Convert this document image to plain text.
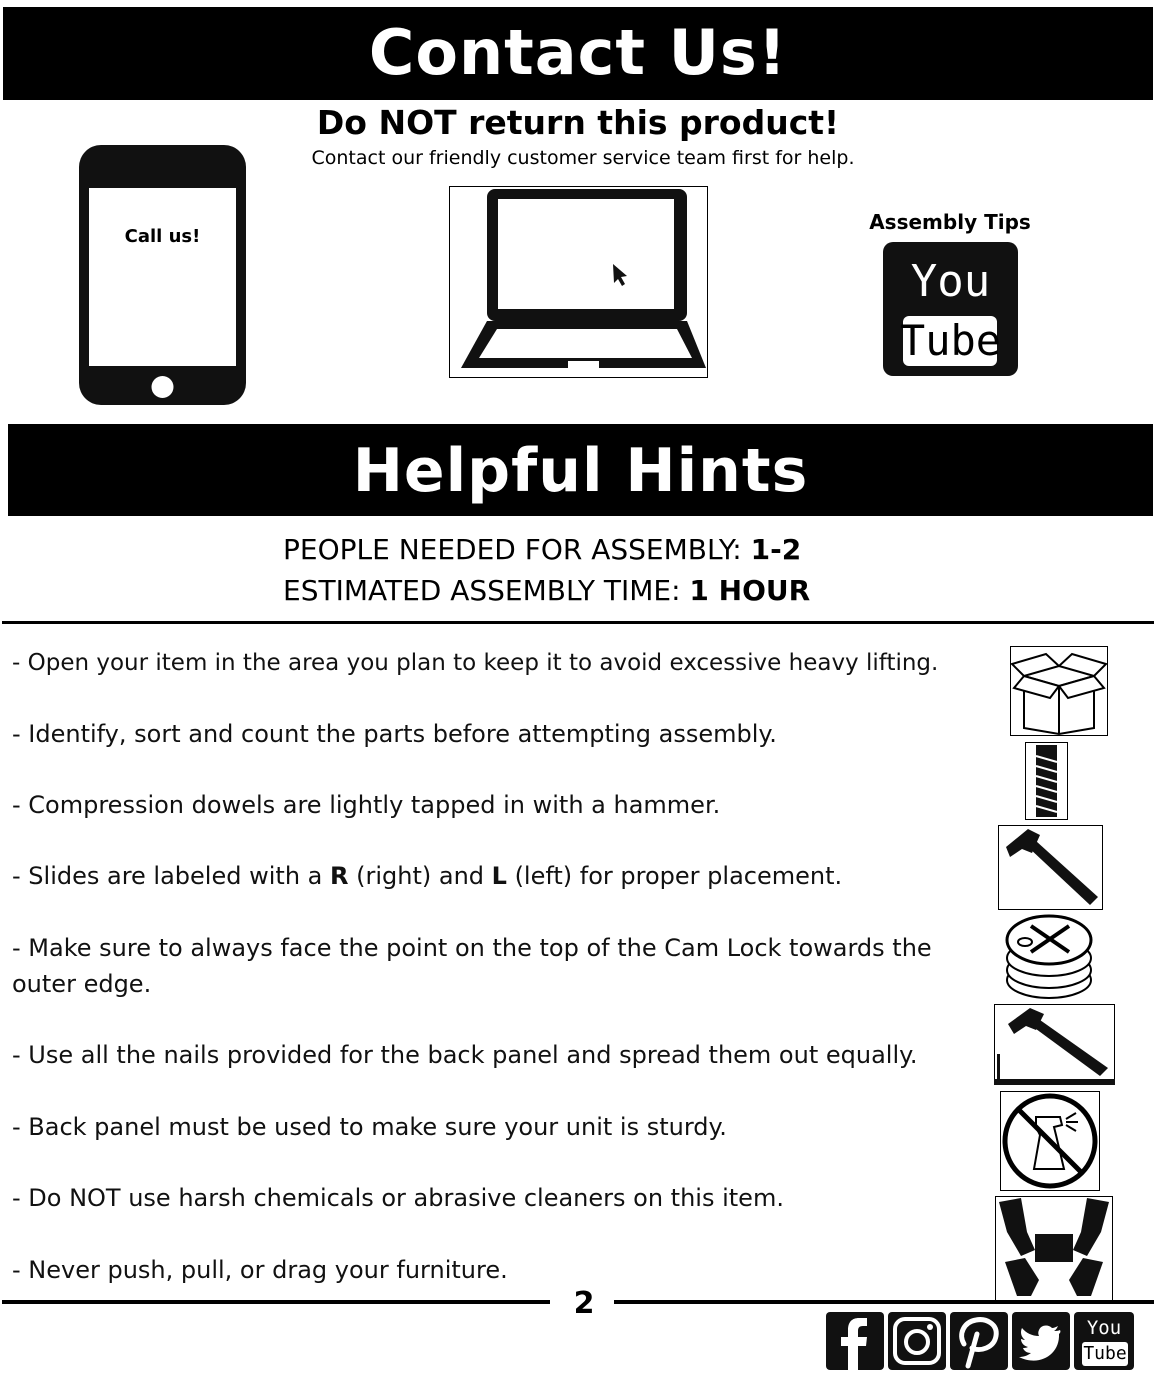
Contact Us!
Do NOT return this product!
Contact our friendly customer service team first for help.
Call us!
Assembly Tips
You
Tube
Helpful Hints
PEOPLE NEEDED FOR ASSEMBLY: 1-2
ESTIMATED ASSEMBLY TIME: 1 HOUR
- Open your item in the area you plan to keep it to avoid excessive heavy lifting.
- Identify, sort and count the parts before attempting assembly.
- Compression dowels are lightly tapped in with a hammer.
- Slides are labeled with a R (right) and L (left) for proper placement.
- Make sure to always face the point on the top of the Cam Lock towards the outer edge.
- Use all the nails provided for the back panel and spread them out equally.
- Back panel must be used to make sure your unit is sturdy.
- Do NOT use harsh chemicals or abrasive cleaners on this item.
- Never push, pull, or drag your furniture.
2
You
Tube
